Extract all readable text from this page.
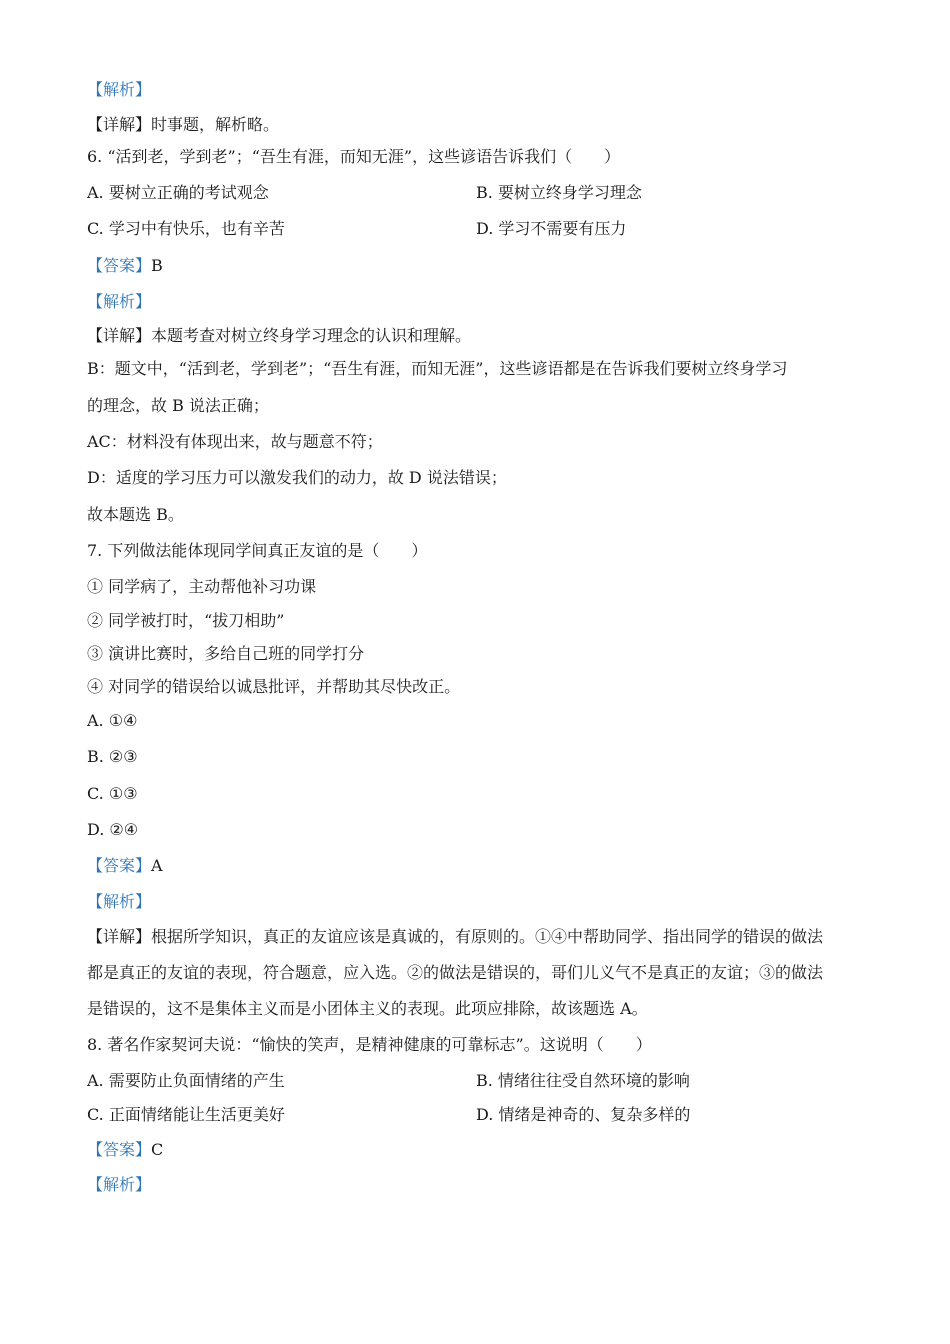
【解析】
【详解】时事题，解析略。
6. “活到老，学到老”；“吾生有涯，而知无涯”，这些谚语告诉我们（　　）
A. 要树立正确的考试观念	B. 要树立终身学习理念
C. 学习中有快乐，也有辛苦	D. 学习不需要有压力
【答案】B
【解析】
【详解】本题考查对树立终身学习理念的认识和理解。
B：题文中，“活到老，学到老”；“吾生有涯，而知无涯”，这些谚语都是在告诉我们要树立终身学习
的理念，故 B 说法正确；
AC：材料没有体现出来，故与题意不符；
D：适度的学习压力可以激发我们的动力，故 D 说法错误；
故本题选 B。
7. 下列做法能体现同学间真正友谊的是（　　）
① 同学病了，主动帮他补习功课
② 同学被打时，“拔刀相助”
③ 演讲比赛时，多给自己班的同学打分
④ 对同学的错误给以诚恳批评，并帮助其尽快改正。
A. ①④
B. ②③
C. ①③
D. ②④
【答案】A
【解析】
【详解】根据所学知识，真正的友谊应该是真诚的，有原则的。①④中帮助同学、指出同学的错误的做法
都是真正的友谊的表现，符合题意，应入选。②的做法是错误的，哥们儿义气不是真正的友谊；③的做法
是错误的，这不是集体主义而是小团体主义的表现。此项应排除，故该题选 A。
8. 著名作家契诃夫说：“愉快的笑声，是精神健康的可靠标志”。这说明（　　）
A. 需要防止负面情绪的产生	B. 情绪往往受自然环境的影响
C. 正面情绪能让生活更美好	D. 情绪是神奇的、复杂多样的
【答案】C
【解析】
